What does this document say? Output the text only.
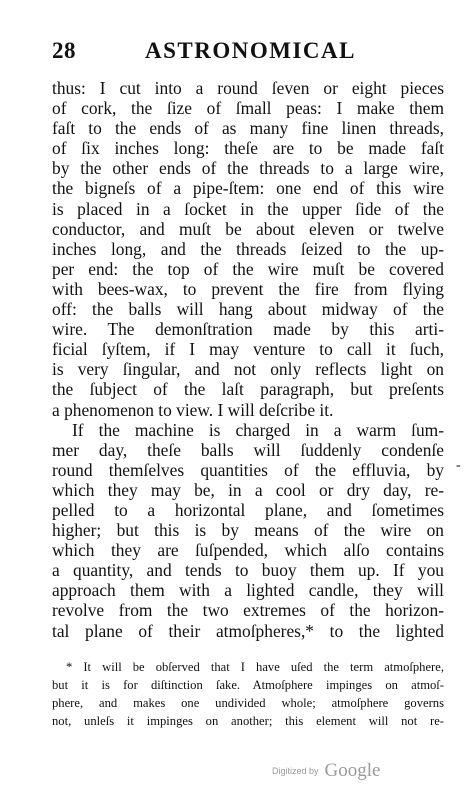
28	ASTRONOMICAL
thus: I cut into a round ſeven or eight pieces
of cork, the ſize of ſmall peas: I make them
faſt to the ends of as many fine linen threads,
of ſix inches long: theſe are to be made faſt
by the other ends of the threads to a large wire,
the bigneſs of a pipe-ſtem: one end of this wire
is placed in a ſocket in the upper ſide of the
conductor, and muſt be about eleven or twelve
inches long, and the threads ſeized to the up-
per end: the top of the wire muſt be covered
with bees-wax, to prevent the fire from flying
off: the balls will hang about midway of the
wire. The demonſtration made by this arti-
ficial ſyſtem, if I may venture to call it ſuch,
is very ſingular, and not only reflects light on
the ſubject of the laſt paragraph, but preſents
a phenomenon to view. I will deſcribe it.
If the machine is charged in a warm ſum-
mer day, theſe balls will ſuddenly condenſe
round themſelves quantities of the effluvia, by
which they may be, in a cool or dry day, re-
pelled to a horizontal plane, and ſometimes
higher; but this is by means of the wire on
which they are ſuſpended, which alſo contains
a quantity, and tends to buoy them up. If you
approach them with a lighted candle, they will
revolve from the two extremes of the horizon-
tal plane of their atmoſpheres,* to the lighted
-
* It will be obſerved that I have uſed the term atmoſphere,
but it is for diſtinction ſake. Atmoſphere impinges on atmoſ-
phere, and makes one undivided whole; atmoſphere governs
not, unleſs it impinges on another; this element will not re-
Digitized by Google
